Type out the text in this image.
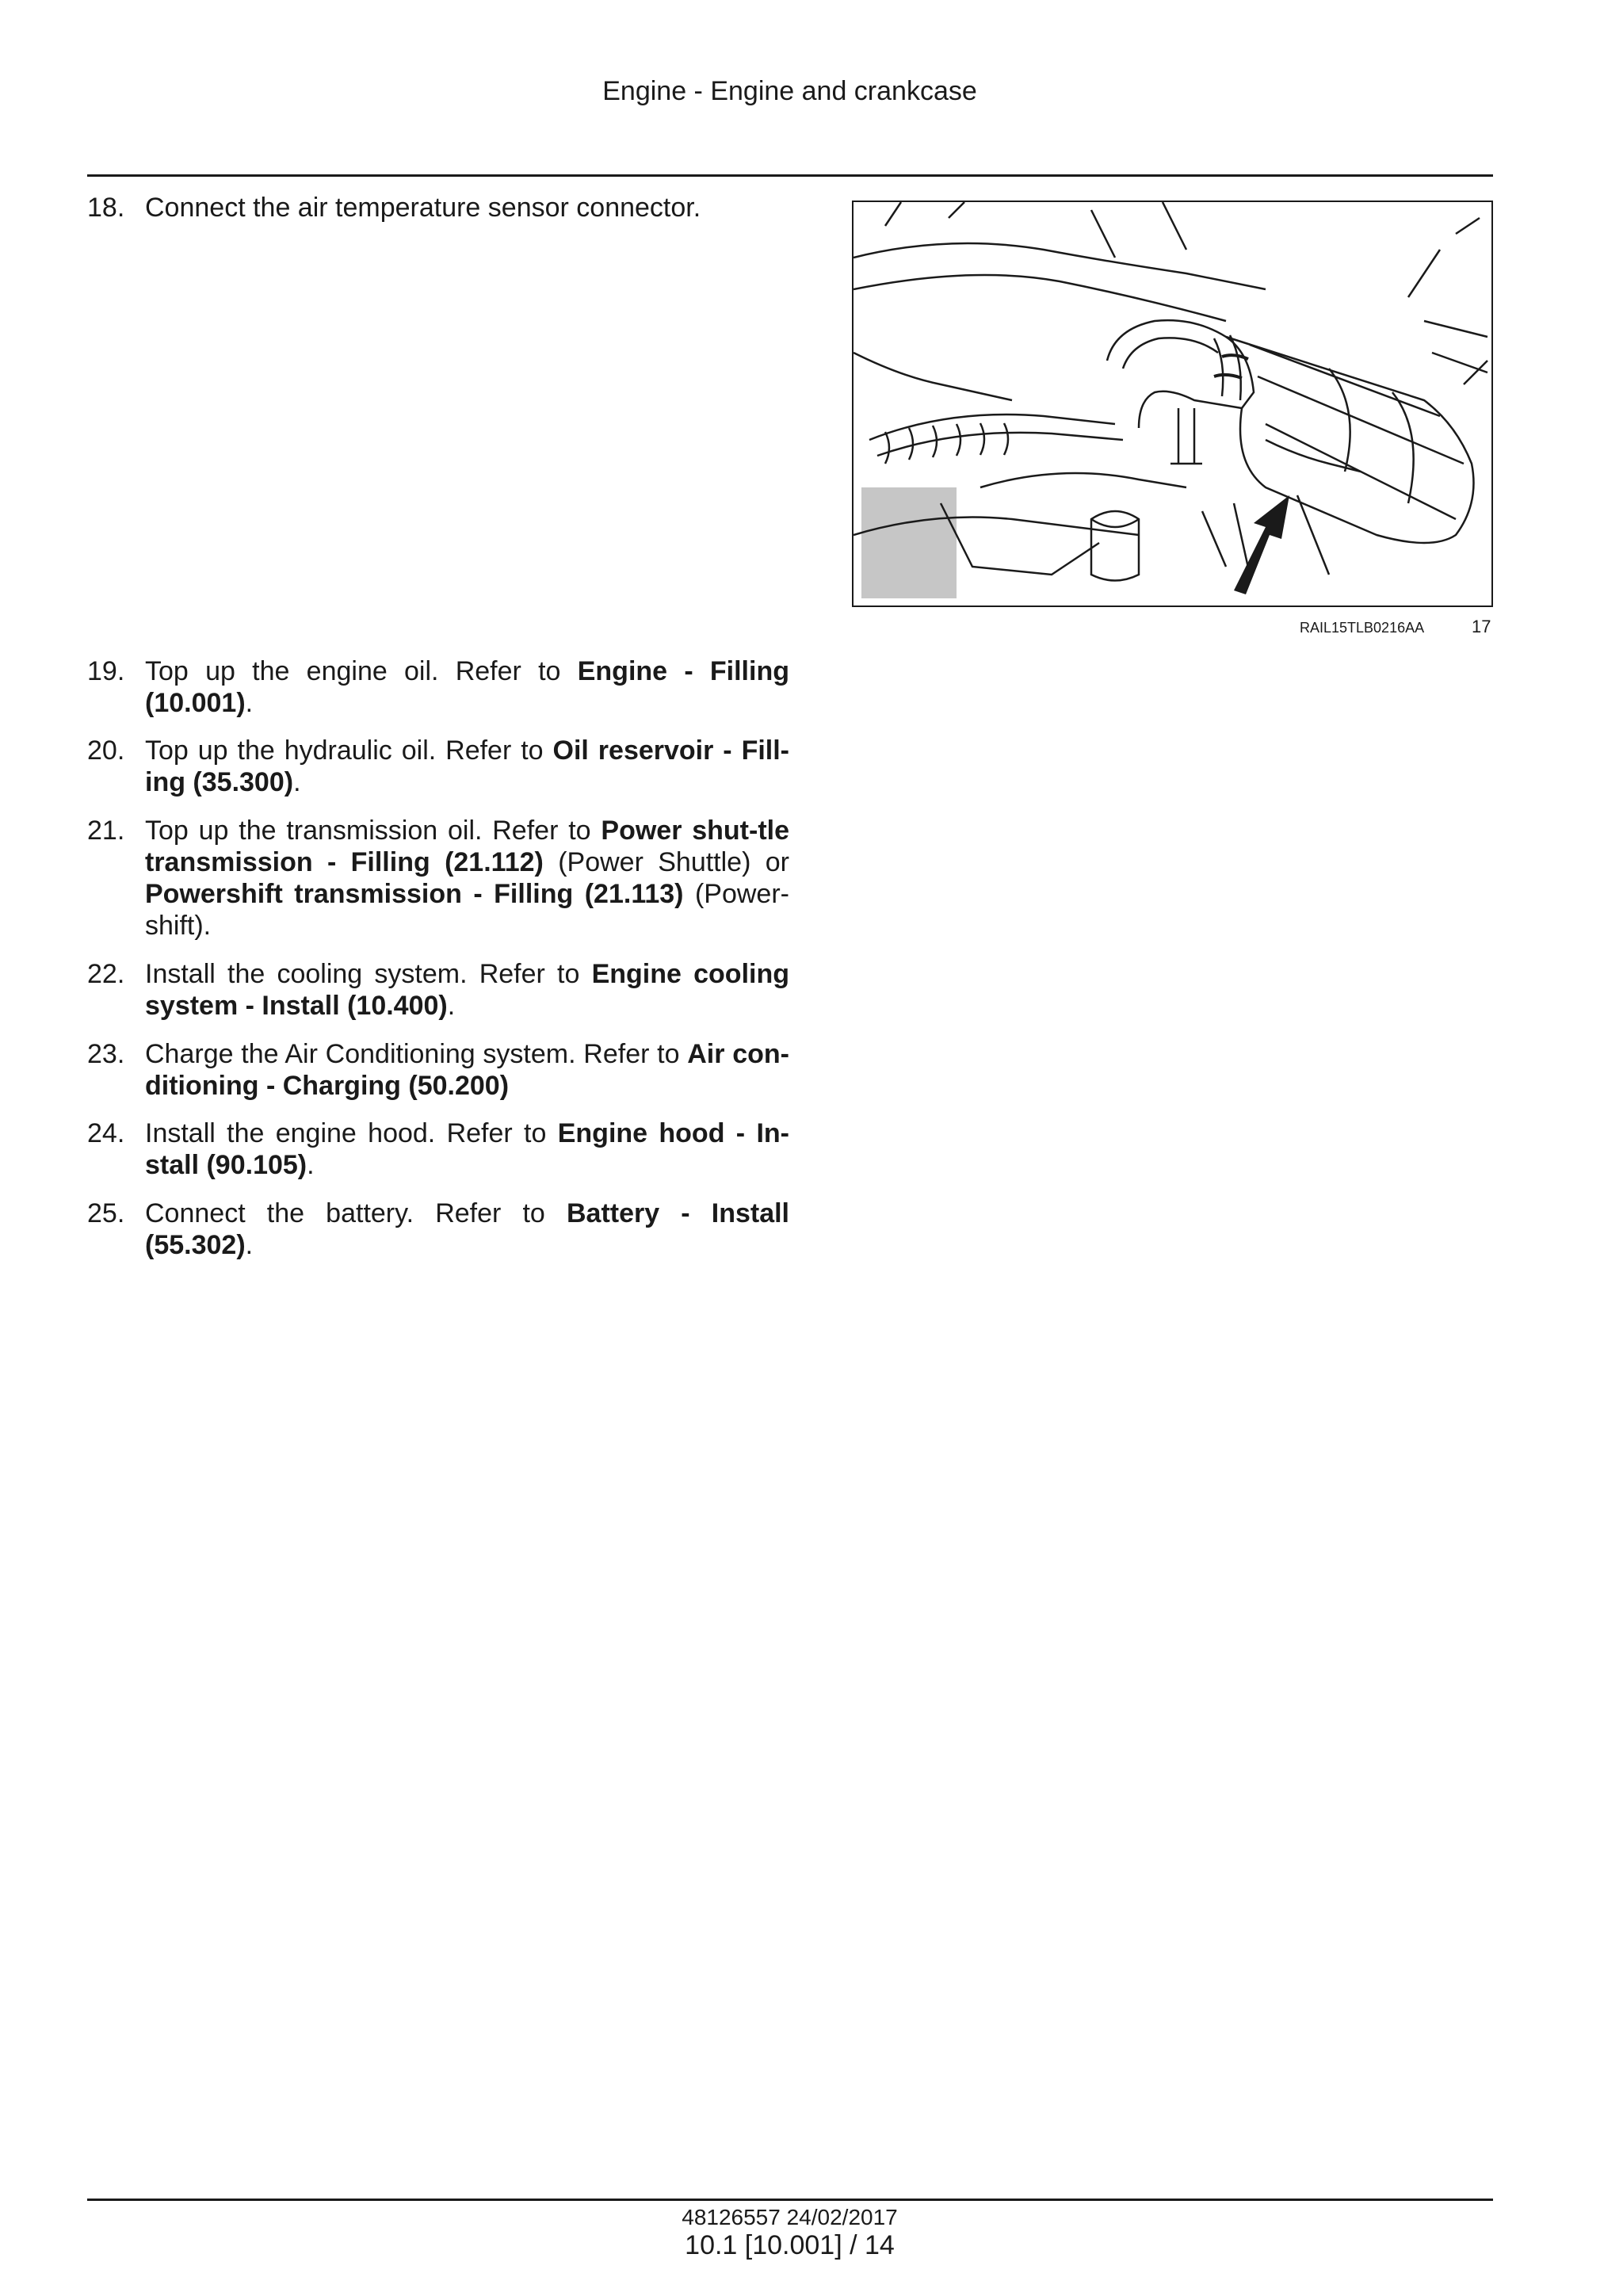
Engine - Engine and crankcase
18. Connect the air temperature sensor connector.
RAIL15TLB0216AA	17
19. Top up the engine oil. Refer to Engine - Filling (10.001).
20. Top up the hydraulic oil. Refer to Oil reservoir - Fill-ing (35.300).
21. Top up the transmission oil. Refer to Power shut-tle transmission - Filling (21.112) (Power Shuttle) or Powershift transmission - Filling (21.113) (Power-shift).
22. Install the cooling system. Refer to Engine cooling system - Install (10.400).
23. Charge the Air Conditioning system. Refer to Air con-ditioning - Charging (50.200)
24. Install the engine hood. Refer to Engine hood - In-stall (90.105).
25. Connect the battery. Refer to Battery - Install (55.302).
48126557 24/02/2017
10.1 [10.001] / 14
